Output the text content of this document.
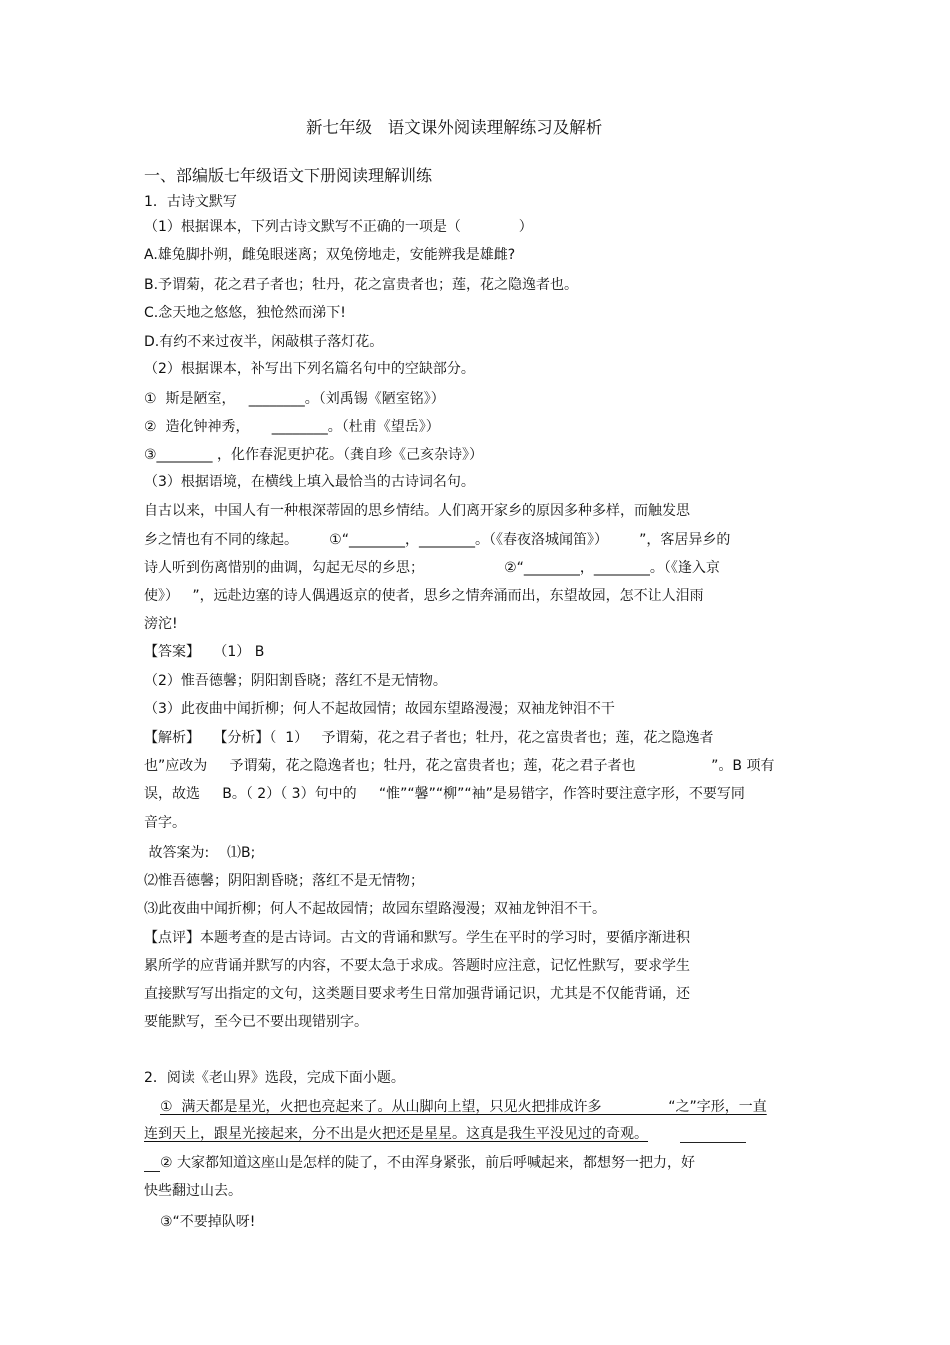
新七年级   语文课外阅读理解练习及解析
一、部编版七年级语文下册阅读理解训练
1．古诗文默写
（1）根据课本，下列古诗文默写不正确的一项是（             ）
A.雄兔脚扑朔，雌兔眼迷离；双兔傍地走，安能辨我是雄雌?
B.予谓菊，花之君子者也；牡丹，花之富贵者也；莲，花之隐逸者也。
C.念天地之悠悠，独怆然而涕下!
D.有约不来过夜半，闲敲棋子落灯花。
（2）根据课本，补写出下列名篇名句中的空缺部分。
①  斯是陋室，   ________。（刘禹锡《陋室铭》）
②  造化钟神秀，     ________。（杜甫《望岳》）
③________ ，化作春泥更护花。（龚自珍《己亥杂诗》）
（3）根据语境，在横线上填入最恰当的古诗词名句。
自古以来，中国人有一种根深蒂固的思乡情结。人们离开家乡的原因多种多样，而触发思
乡之情也有不同的缘起。       ①“________，________。（《春夜洛城闻笛》）       ”，客居异乡的
诗人听到伤离惜别的曲调，勾起无尽的乡思；                  ②“________，________。（《逢入京
使》）   ”，远赴边塞的诗人偶遇返京的使者，思乡之情奔涌而出，东望故园，怎不让人泪雨
滂沱!
【答案】   （1） B
（2）惟吾德馨；阴阳割昏晓；落红不是无情物。
（3）此夜曲中闻折柳；何人不起故园情；故园东望路漫漫；双袖龙钟泪不干
【解析】   【分析】（  1）   予谓菊，花之君子者也；牡丹，花之富贵者也；莲，花之隐逸者
也”应改为     予谓菊，花之隐逸者也；牡丹，花之富贵者也；莲，花之君子者也                 ”。B 项有
误，故选     B。（ 2）（ 3）句中的     “惟”“馨”“柳”“袖”是易错字，作答时要注意字形，不要写同
音字。
故答案为:    ⑴B;
⑵惟吾德馨；阴阳割昏晓；落红不是无情物；
⑶此夜曲中闻折柳；何人不起故园情；故园东望路漫漫；双袖龙钟泪不干。
【点评】本题考查的是古诗词。古文的背诵和默写。学生在平时的学习时，要循序渐进积
累所学的应背诵并默写的内容，不要太急于求成。答题时应注意，记忆性默写，要求学生
直接默写写出指定的文句，这类题目要求考生日常加强背诵记识，尤其是不仅能背诵，还
要能默写，至今已不要出现错别字。
2．阅读《老山界》选段，完成下面小题。
①  满天都是星光，火把也亮起来了。从山脚向上望，只见火把排成许多               “之”字形，一直
连到天上，跟星光接起来，分不出是火把还是星星。这真是我生平没见过的奇观。
② 大家都知道这座山是怎样的陡了，不由浑身紧张，前后呼喊起来，都想努一把力，好
快些翻过山去。
③“不要掉队呀!
